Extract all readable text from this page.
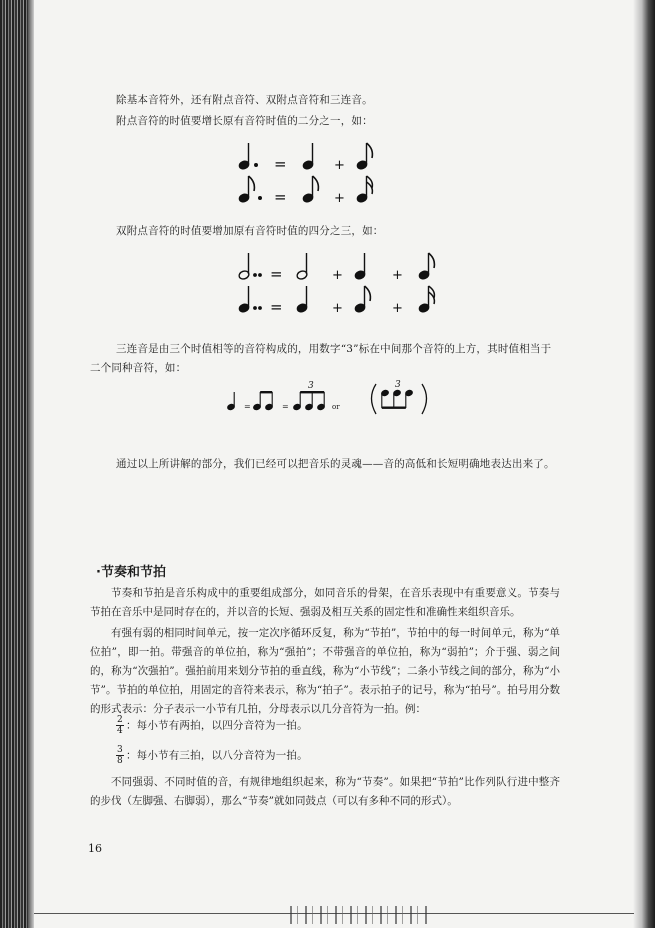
除基本音符外，还有附点音符、双附点音符和三连音。
附点音符的时值要增长原有音符时值的二分之一，如：
=	+
=	+
双附点音符的时值要增加原有音符时值的四分之三，如：
=	+	+
=	+	+
三连音是由三个时值相等的音符构成的，用数字“3”标在中间那个音符的上方，其时值相当于
二个同种音符，如：
=	=
3
or
3
通过以上所讲解的部分，我们已经可以把音乐的灵魂——音的高低和长短明确地表达出来了。
·节奏和节拍
节奏和节拍是音乐构成中的重要组成部分，如同音乐的骨架，在音乐表现中有重要意义。节奏与节拍在音乐中是同时存在的，并以音的长短、强弱及相互关系的固定性和准确性来组织音乐。
有强有弱的相同时间单元，按一定次序循环反复，称为“节拍”，节拍中的每一时间单元，称为“单位拍”，即一拍。带强音的单位拍，称为“强拍”；不带强音的单位拍，称为“弱拍”；介于强、弱之间的，称为“次强拍”。强拍前用来划分节拍的垂直线，称为“小节线”；二条小节线之间的部分，称为“小节”。节拍的单位拍，用固定的音符来表示，称为“拍子”。表示拍子的记号，称为“拍号”。拍号用分数的形式表示：分子表示一小节有几拍，分母表示以几分音符为一拍。例：
$\frac{2}{4}$ ：每小节有两拍，以四分音符为一拍。
$\frac{3}{8}$ ：每小节有三拍，以八分音符为一拍。
不同强弱、不同时值的音，有规律地组织起来，称为“节奏”。如果把“节拍”比作列队行进中整齐的步伐（左脚强、右脚弱），那么“节奏”就如同鼓点（可以有多种不同的形式）。
16
